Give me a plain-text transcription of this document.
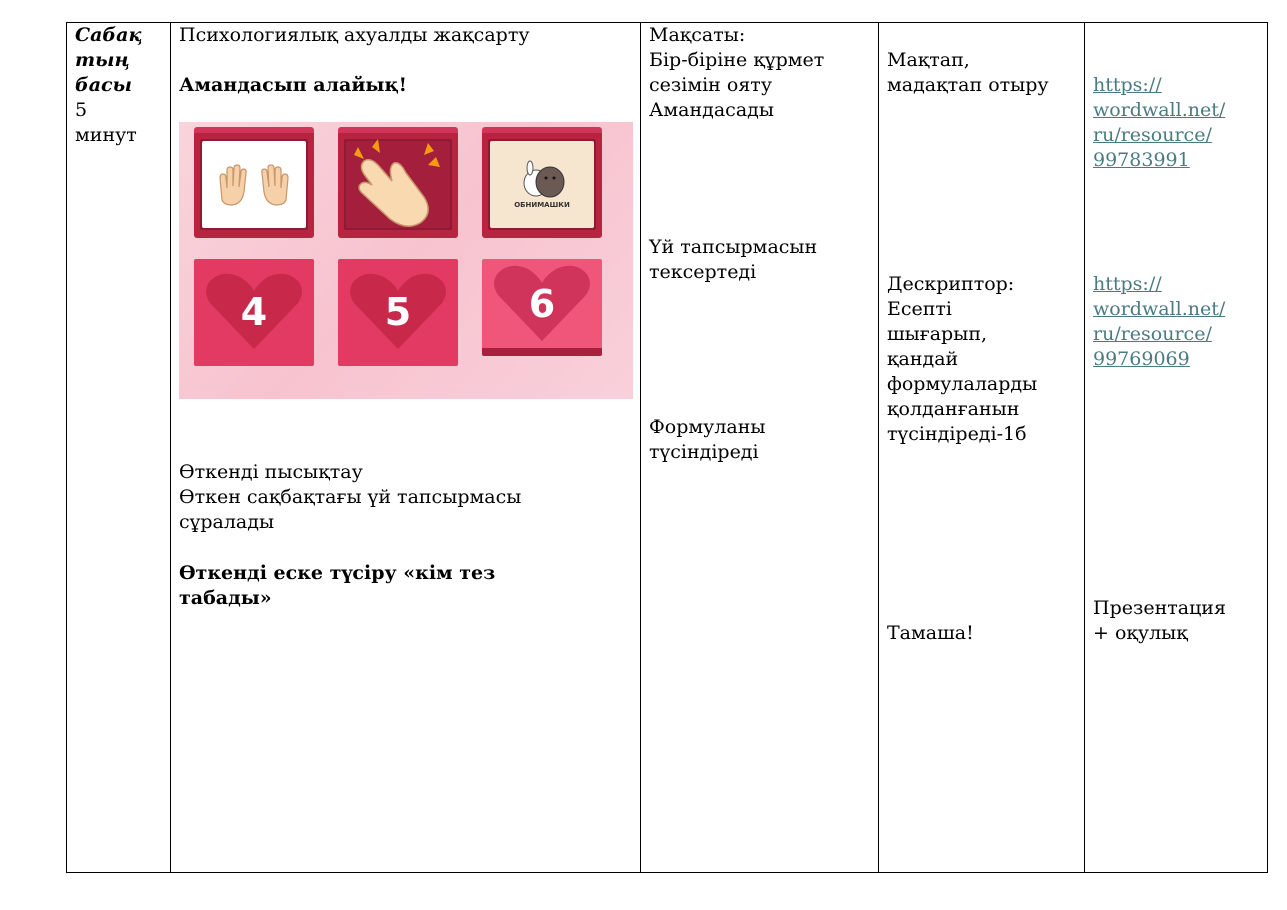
Сабақ
тың
басы
5
минут
Психологиялық ахуалды жақсарту
Амандасып алайық!
ОБНИМАШКИ
4	5	6
Өткенді пысықтау
Өткен сақбақтағы үй тапсырмасы
сұралады
Өткенді еске түсіру «кім тез
табады»
Мақсаты:
Бір-біріне құрмет
сезімін ояту
Амандасады
Үй тапсырмасын
тексертеді
Формуланы
түсіндіреді
Мақтап,
мадақтап отыру
Дескриптор:
Есепті
шығарып,
қандай
формулаларды
қолданғанын
түсіндіреді-1б
Тамаша!
https://
wordwall.net/
ru/resource/
99783991
https://
wordwall.net/
ru/resource/
99769069
Презентация
+ оқулық
